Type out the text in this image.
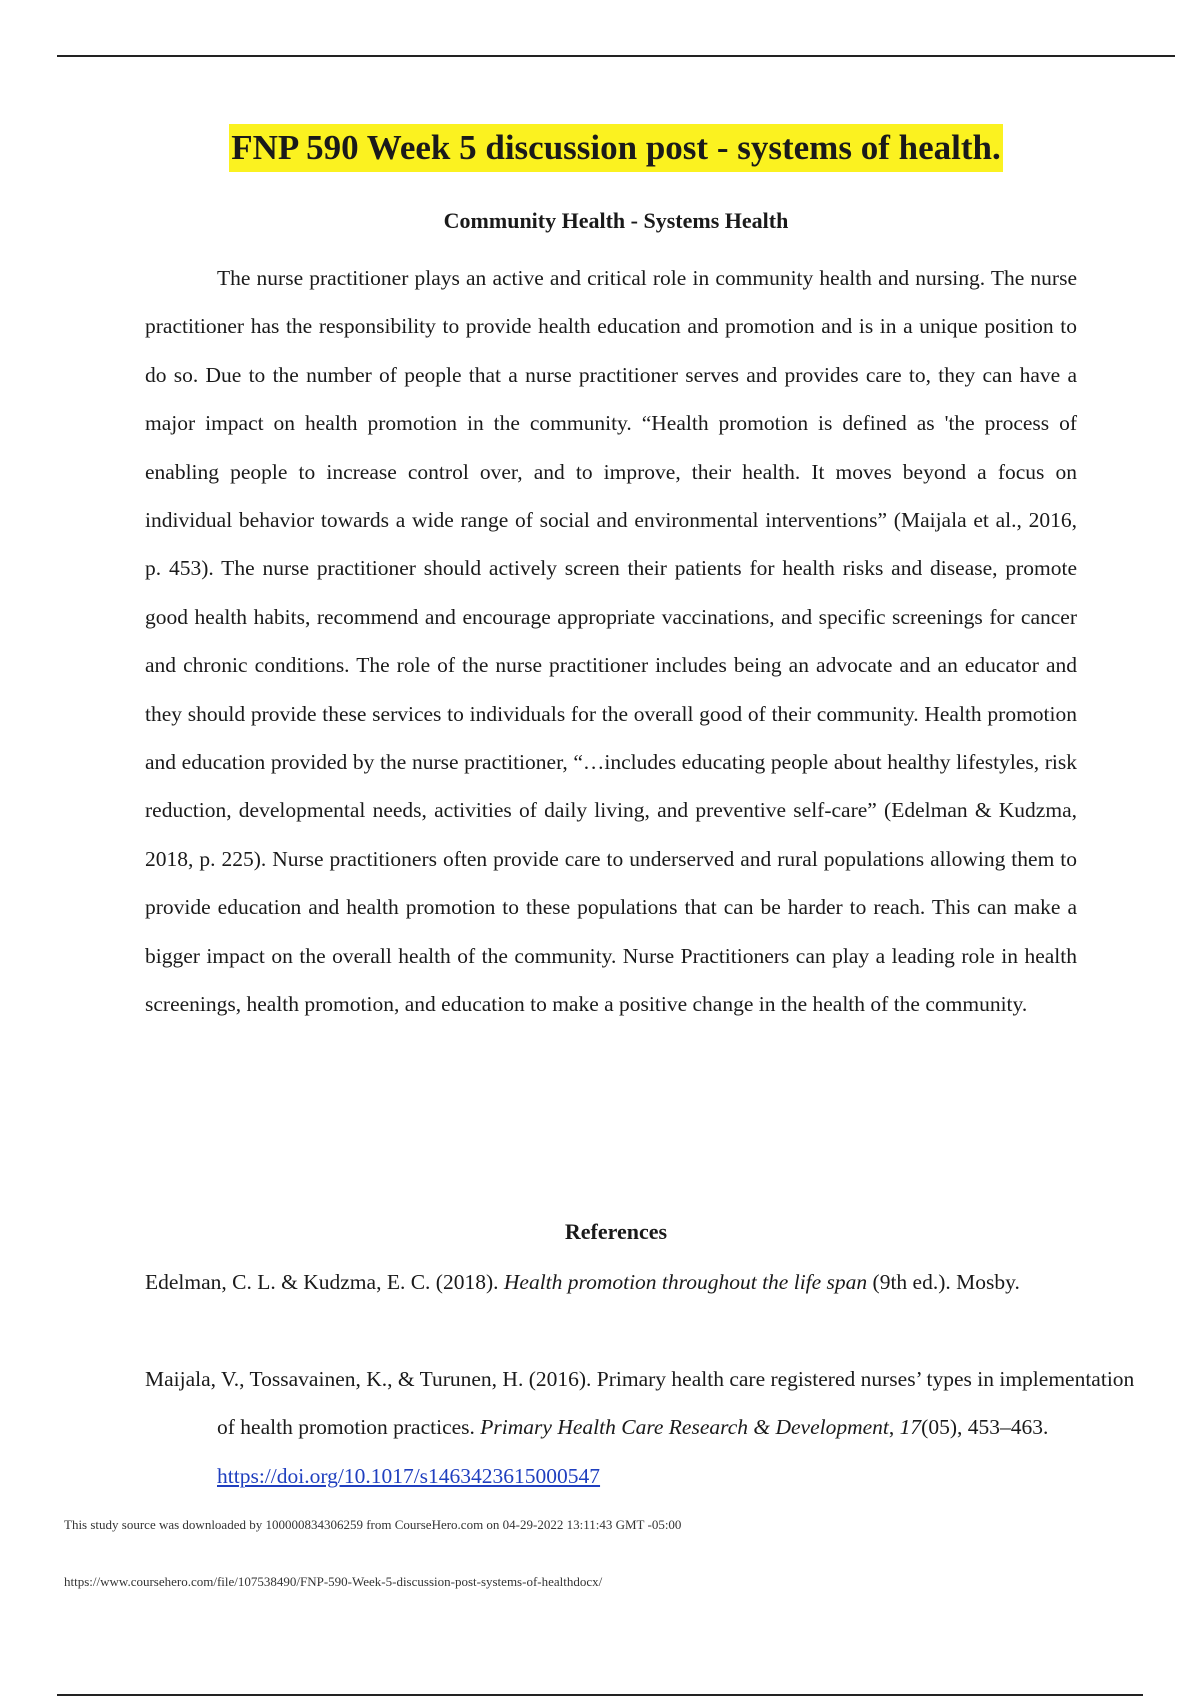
FNP 590 Week 5 discussion post - systems of health.
Community Health - Systems Health

The nurse practitioner plays an active and critical role in community health and nursing. The nurse practitioner has the responsibility to provide health education and promotion and is in a unique position to do so. Due to the number of people that a nurse practitioner serves and provides care to, they can have a major impact on health promotion in the community. “Health promotion is defined as 'the process of enabling people to increase control over, and to improve, their health. It moves beyond a focus on individual behavior towards a wide range of social and environmental interventions” (Maijala et al., 2016, p. 453). The nurse practitioner should actively screen their patients for health risks and disease, promote good health habits, recommend and encourage appropriate vaccinations, and specific screenings for cancer and chronic conditions. The role of the nurse practitioner includes being an advocate and an educator and they should provide these services to individuals for the overall good of their community. Health promotion and education provided by the nurse practitioner, “…includes educating people about healthy lifestyles, risk reduction, developmental needs, activities of daily living, and preventive self-care” (Edelman & Kudzma, 2018, p. 225). Nurse practitioners often provide care to underserved and rural populations allowing them to provide education and health promotion to these populations that can be harder to reach. This can make a bigger impact on the overall health of the community. Nurse Practitioners can play a leading role in health screenings, health promotion, and education to make a positive change in the health of the community.

References

Edelman, C. L. & Kudzma, E. C. (2018). Health promotion throughout the life span (9th ed.). Mosby.

Maijala, V., Tossavainen, K., & Turunen, H. (2016). Primary health care registered nurses’ types in implementation of health promotion practices. Primary Health Care Research & Development, 17(05), 453–463. https://doi.org/10.1017/s1463423615000547

This study source was downloaded by 100000834306259 from CourseHero.com on 04-29-2022 13:11:43 GMT -05:00
https://www.coursehero.com/file/107538490/FNP-590-Week-5-discussion-post-systems-of-healthdocx/
